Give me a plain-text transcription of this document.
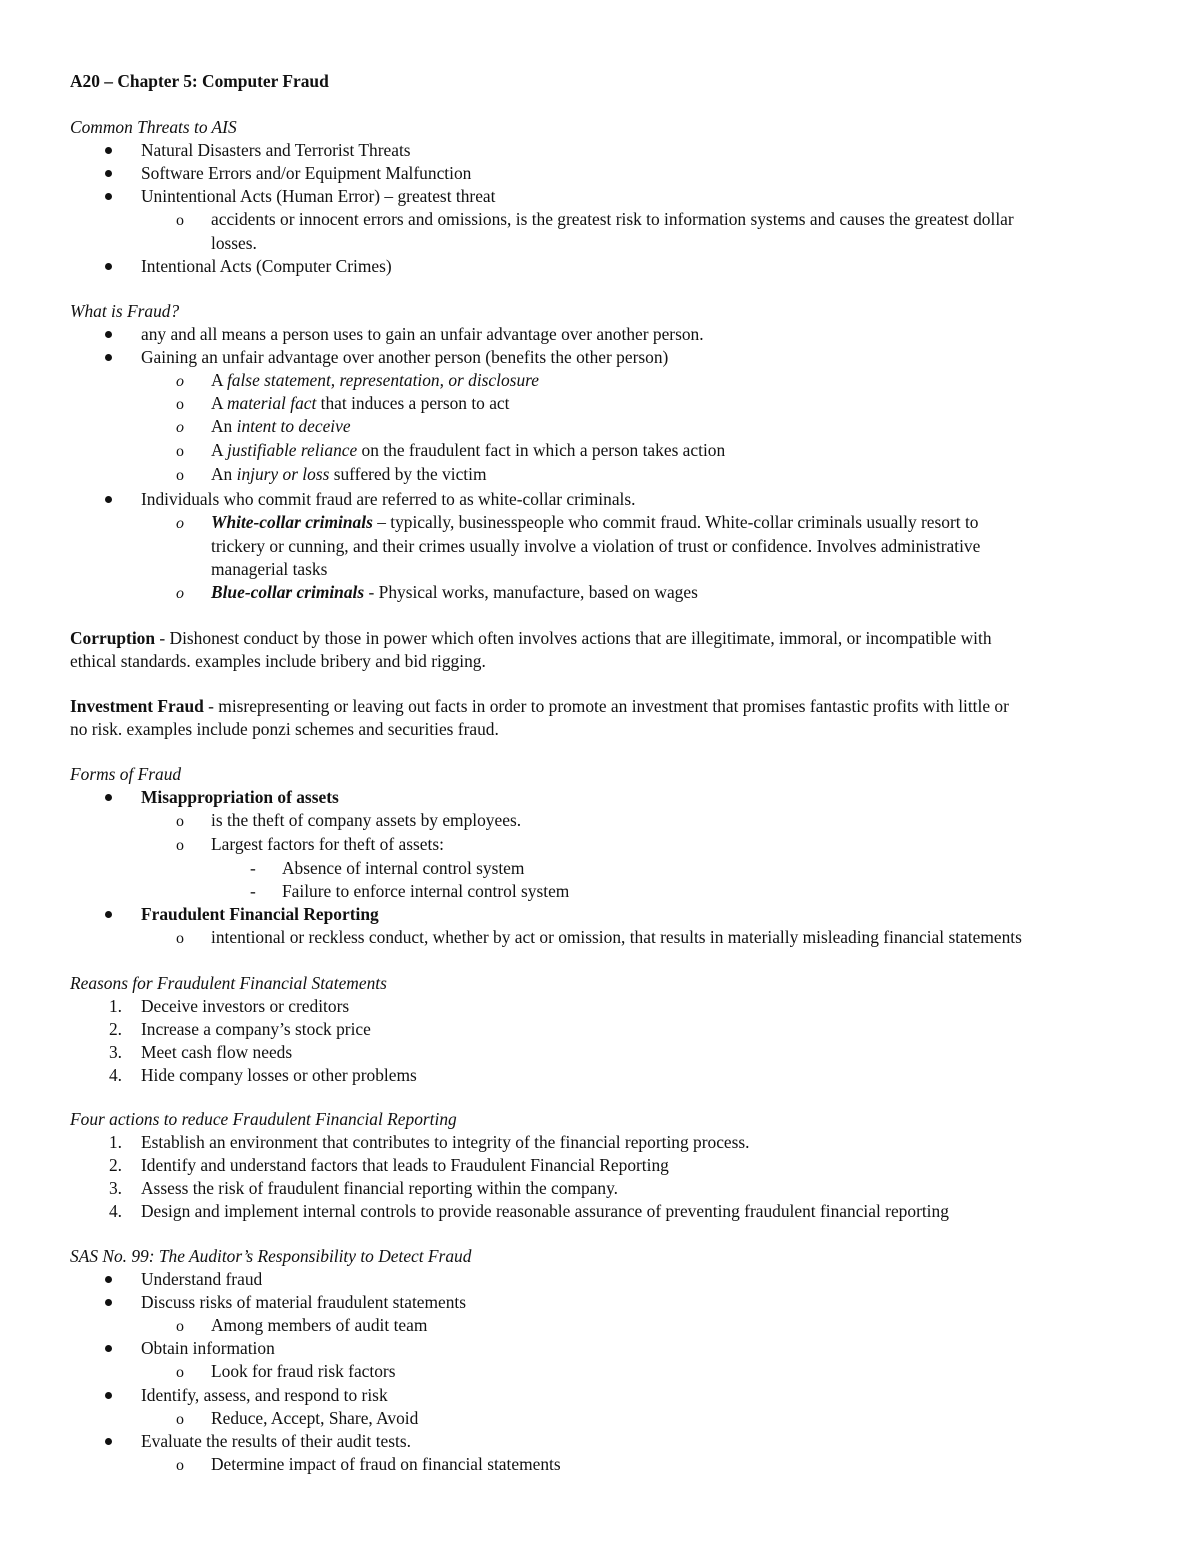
A20 – Chapter 5: Computer Fraud
Common Threats to AIS
Natural Disasters and Terrorist Threats
Software Errors and/or Equipment Malfunction
Unintentional Acts (Human Error) – greatest threat
o accidents or innocent errors and omissions, is the greatest risk to information systems and causes the greatest dollar
losses.
Intentional Acts (Computer Crimes)
What is Fraud?
any and all means a person uses to gain an unfair advantage over another person.
Gaining an unfair advantage over another person (benefits the other person)
o A false statement, representation, or disclosure
o A material fact that induces a person to act
o An intent to deceive
o A justifiable reliance on the fraudulent fact in which a person takes action
o An injury or loss suffered by the victim
Individuals who commit fraud are referred to as white-collar criminals.
o White-collar criminals – typically, businesspeople who commit fraud. White-collar criminals usually resort to
trickery or cunning, and their crimes usually involve a violation of trust or confidence. Involves administrative
managerial tasks
o Blue-collar criminals - Physical works, manufacture, based on wages
Corruption - Dishonest conduct by those in power which often involves actions that are illegitimate, immoral, or incompatible with
ethical standards. examples include bribery and bid rigging.
Investment Fraud - misrepresenting or leaving out facts in order to promote an investment that promises fantastic profits with little or
no risk. examples include ponzi schemes and securities fraud.
Forms of Fraud
Misappropriation of assets
o is the theft of company assets by employees.
o Largest factors for theft of assets:
- Absence of internal control system
- Failure to enforce internal control system
Fraudulent Financial Reporting
o intentional or reckless conduct, whether by act or omission, that results in materially misleading financial statements
Reasons for Fraudulent Financial Statements
1. Deceive investors or creditors
2. Increase a company’s stock price
3. Meet cash flow needs
4. Hide company losses or other problems
Four actions to reduce Fraudulent Financial Reporting
1. Establish an environment that contributes to integrity of the financial reporting process.
2. Identify and understand factors that leads to Fraudulent Financial Reporting
3. Assess the risk of fraudulent financial reporting within the company.
4. Design and implement internal controls to provide reasonable assurance of preventing fraudulent financial reporting
SAS No. 99: The Auditor’s Responsibility to Detect Fraud
Understand fraud
Discuss risks of material fraudulent statements
o Among members of audit team
Obtain information
o Look for fraud risk factors
Identify, assess, and respond to risk
o Reduce, Accept, Share, Avoid
Evaluate the results of their audit tests.
o Determine impact of fraud on financial statements
